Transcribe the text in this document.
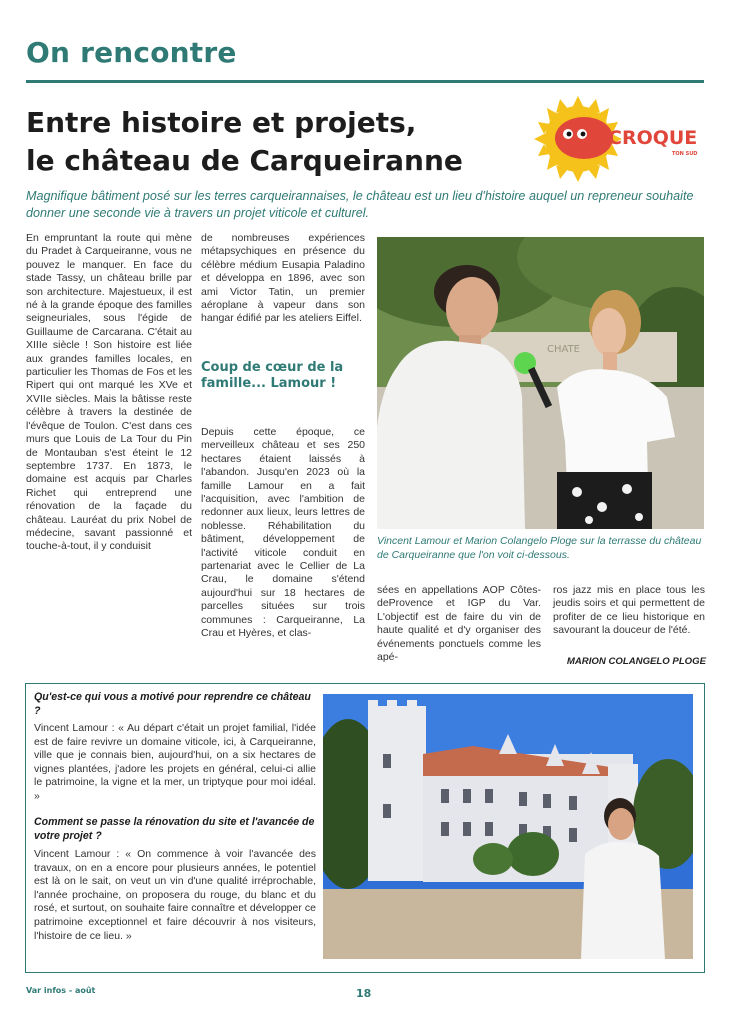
On rencontre
Entre histoire et projets,
le château de Carqueiranne
CROQUE
TON SUD
Magnifique bâtiment posé sur les terres carqueirannaises, le château est un lieu d'histoire auquel un repreneur souhaite donner une seconde vie à travers un projet viticole et culturel.
En empruntant la route qui mène du Pradet à Carqueiranne, vous ne pouvez le manquer. En face du stade Tassy, un château brille par son architecture. Majestueux, il est né à la grande époque des familles seigneuriales, sous l'égide de Guillaume de Carcarana. C'était au XIIIe siècle ! Son histoire est liée aux grandes familles locales, en particulier les Thomas de Fos et les Ripert qui ont marqué les XVe et XVIIe siècles. Mais la bâtisse reste célèbre à travers la destinée de l'évêque de Toulon. C'est dans ces murs que Louis de La Tour du Pin de Montauban s'est éteint le 12 septembre 1737. En 1873, le domaine est acquis par Charles Richet qui entreprend une rénovation de la façade du château. Lauréat du prix Nobel de médecine, savant passionné et touche-à-tout, il y conduisit
de nombreuses expériences métapsychiques en présence du célèbre médium Eusapia Paladino et développa en 1896, avec son ami Victor Tatin, un premier aéroplane à vapeur dans son hangar édifié par les ateliers Eiffel.
Coup de cœur de la famille... Lamour !
Depuis cette époque, ce merveilleux château et ses 250 hectares étaient laissés à l'abandon. Jusqu'en 2023 où la famille Lamour en a fait l'acquisition, avec l'ambition de redonner aux lieux, leurs lettres de noblesse. Réhabilitation du bâtiment, développement de l'activité viticole conduit en partenariat avec le Cellier de La Crau, le domaine s'étend aujourd'hui sur 18 hectares de parcelles situées sur trois communes : Carqueiranne, La Crau et Hyères, et clas-
sées en appellations AOP Côtes-deProvence et IGP du Var. L'objectif est de faire du vin de haute qualité et d'y organiser des événements ponctuels comme les apé-
ros jazz mis en place tous les jeudis soirs et qui permettent de profiter de ce lieu historique en savourant la douceur de l'été.
MARION COLANGELO PLOGE
CHATE
Vincent Lamour et Marion Colangelo Ploge sur la terrasse du château de Carqueiranne que l'on voit ci-dessous.
Qu'est-ce qui vous a motivé pour reprendre ce château ?
Vincent Lamour : « Au départ c'était un projet familial, l'idée est de faire revivre un domaine viticole, ici, à Carqueiranne, ville que je connais bien, aujourd'hui, on a six hectares de vignes plantées, j'adore les projets en général, celui-ci allie le patrimoine, la vigne et la mer, un triptyque pour moi idéal. »
Comment se passe la rénovation du site et l'avancée de votre projet ?
Vincent Lamour : « On commence à voir l'avancée des travaux, on en a encore pour plusieurs années, le potentiel est là on le sait, on veut un vin d'une qualité irréprochable, l'année prochaine, on proposera du rouge, du blanc et du rosé, et surtout, on souhaite faire connaître et développer ce patrimoine exceptionnel et faire découvrir à nos visiteurs, l'histoire de ce lieu. »
Var infos - août	18
